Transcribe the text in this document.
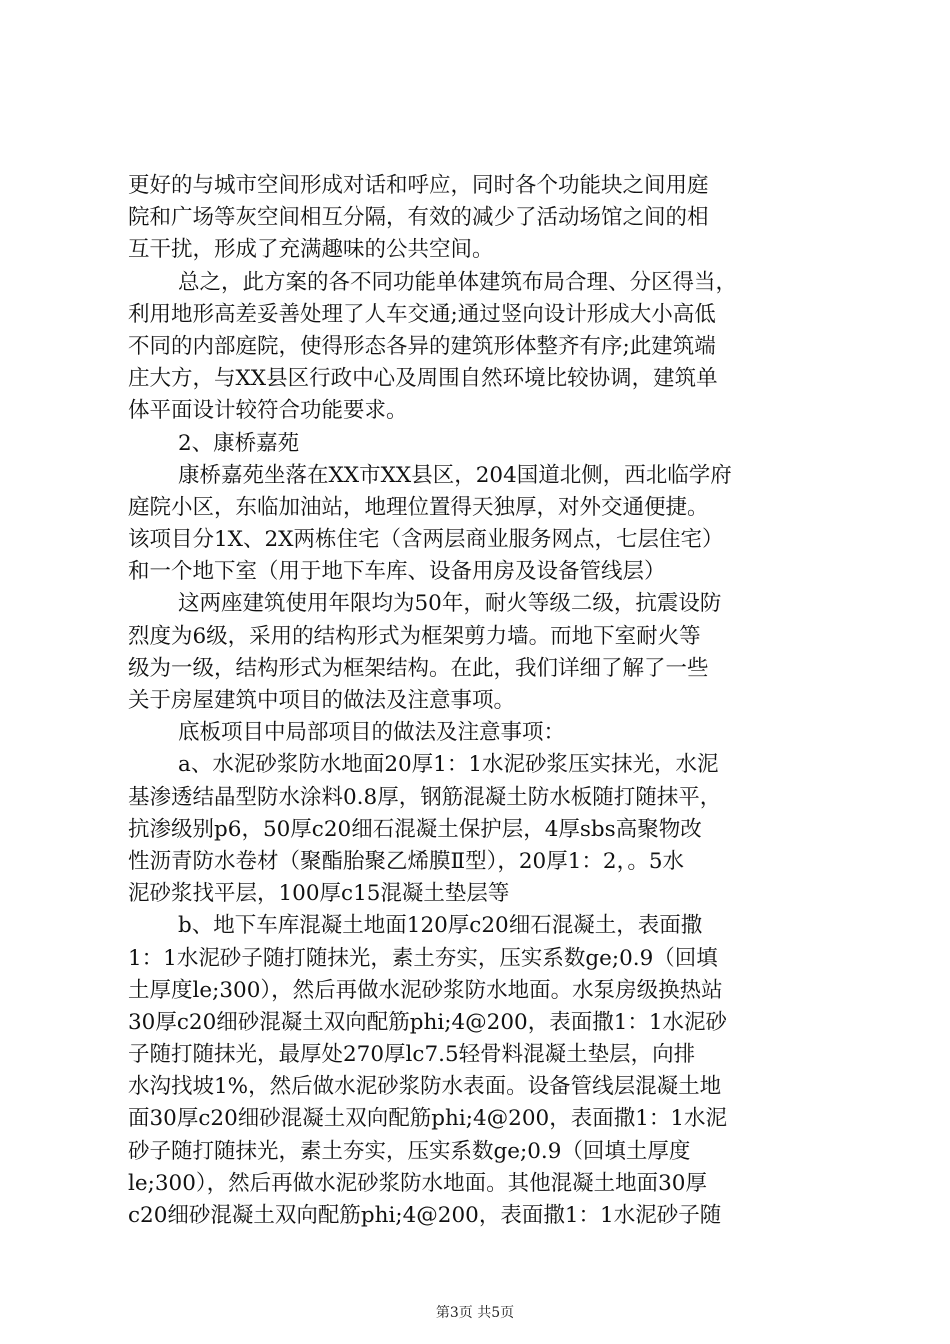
更好的与城市空间形成对话和呼应，同时各个功能块之间用庭
院和广场等灰空间相互分隔，有效的减少了活动场馆之间的相
互干扰，形成了充满趣味的公共空间。
总之，此方案的各不同功能单体建筑布局合理、分区得当，
利用地形高差妥善处理了人车交通;通过竖向设计形成大小高低
不同的内部庭院，使得形态各异的建筑形体整齐有序;此建筑端
庄大方，与XX县区行政中心及周围自然环境比较协调，建筑单
体平面设计较符合功能要求。
2、康桥嘉苑
康桥嘉苑坐落在XX市XX县区，204国道北侧，西北临学府
庭院小区，东临加油站，地理位置得天独厚，对外交通便捷。
该项目分1X、2X两栋住宅（含两层商业服务网点，七层住宅）
和一个地下室（用于地下车库、设备用房及设备管线层）
这两座建筑使用年限均为50年，耐火等级二级，抗震设防
烈度为6级，采用的结构形式为框架剪力墙。而地下室耐火等
级为一级，结构形式为框架结构。在此，我们详细了解了一些
关于房屋建筑中项目的做法及注意事项。
底板项目中局部项目的做法及注意事项：
a、水泥砂浆防水地面20厚1：1水泥砂浆压实抹光，水泥
基渗透结晶型防水涂料0.8厚，钢筋混凝土防水板随打随抹平，
抗渗级别p6，50厚c20细石混凝土保护层，4厚sbs高聚物改
性沥青防水卷材（聚酯胎聚乙烯膜Ⅱ型），20厚1：2，。5水
泥砂浆找平层，100厚c15混凝土垫层等
b、地下车库混凝土地面120厚c20细石混凝土，表面撒
1：1水泥砂子随打随抹光，素土夯实，压实系数ge;0.9（回填
土厚度le;300），然后再做水泥砂浆防水地面。水泵房级换热站
30厚c20细砂混凝土双向配筋phi;4@200，表面撒1：1水泥砂
子随打随抹光，最厚处270厚lc7.5轻骨料混凝土垫层，向排
水沟找坡1%，然后做水泥砂浆防水表面。设备管线层混凝土地
面30厚c20细砂混凝土双向配筋phi;4@200，表面撒1：1水泥
砂子随打随抹光，素土夯实，压实系数ge;0.9（回填土厚度
le;300），然后再做水泥砂浆防水地面。其他混凝土地面30厚
c20细砂混凝土双向配筋phi;4@200，表面撒1：1水泥砂子随
第3页 共5页
